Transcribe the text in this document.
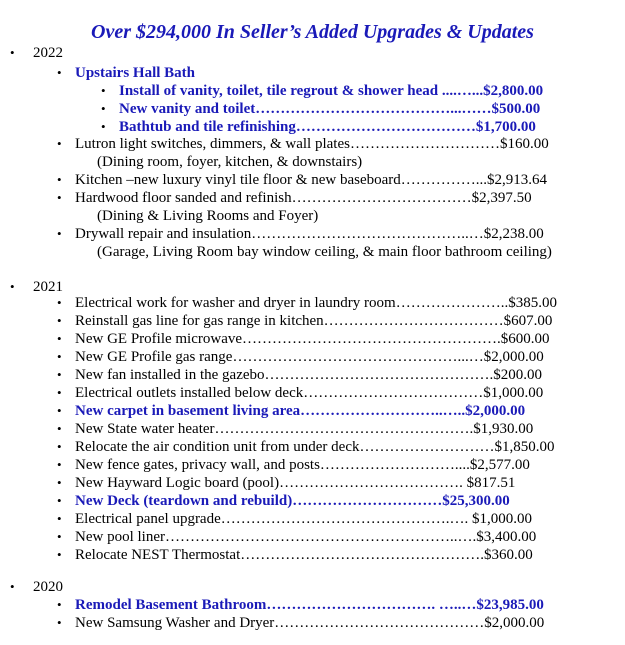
Over $294,000 In Seller’s Added Upgrades & Updates
• 2022
• Upstairs Hall Bath
• Install of vanity, toilet, tile regrout & shower head ....…...$2,800.00
• New vanity and toilet…………………………………...……$500.00
• Bathtub and tile refinishing………………………………$1,700.00
• Lutron light switches, dimmers, & wall plates…………………………$160.00
(Dining room, foyer, kitchen, & downstairs)
• Kitchen –new luxury vinyl tile floor & new baseboard……………...$2,913.64
• Hardwood floor sanded and refinish………………………………$2,397.50
(Dining & Living Rooms and Foyer)
• Drywall repair and insulation……………………………………..…$2,238.00
(Garage, Living Room bay window ceiling, & main floor bathroom ceiling)
• 2021
• Electrical work for washer and dryer in laundry room…………………..$385.00
• Reinstall gas line for gas range in kitchen………………………………$607.00
• New GE Profile microwave…………………………………………….$600.00
• New GE Profile gas range………………………………………...…$2,000.00
• New fan installed in the gazebo……………………………………….$200.00
• Electrical outlets installed below deck………………………………$1,000.00
• New carpet in basement living area………………………..…..$2,000.00
• New State water heater…………………………………………….$1,930.00
• Relocate the air condition unit from under deck………………………$1,850.00
• New fence gates, privacy wall, and posts………………………....$2,577.00
• New Hayward Logic board (pool)………………………………. $817.51
• New Deck (teardown and rebuild)…………………………$25,300.00
• Electrical panel upgrade……………………………………….…. $1,000.00
• New pool liner…………………………………………………..….$3,400.00
• Relocate NEST Thermostat………………………………………….$360.00
• 2020
• Remodel Basement Bathroom……………………………. …..…$23,985.00
• New Samsung Washer and Dryer……………………………………$2,000.00
